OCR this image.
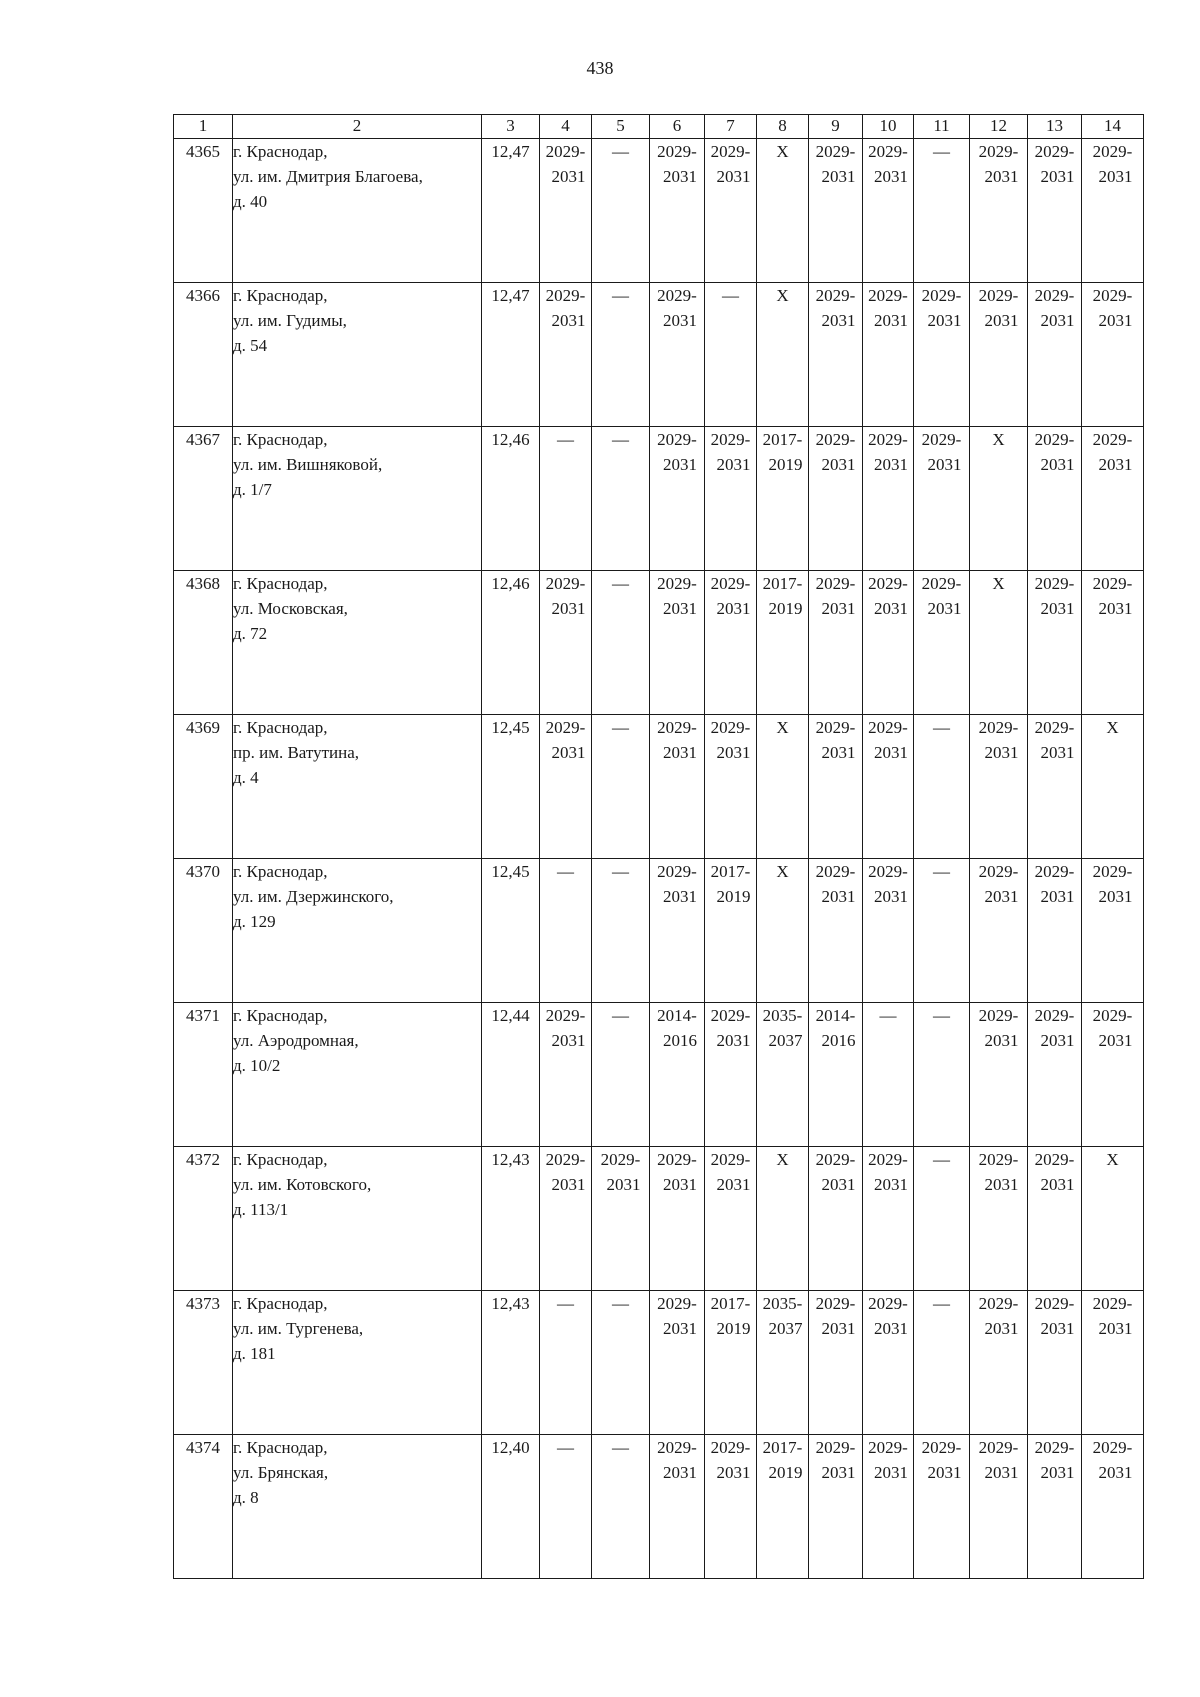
438
1	2	3	4	5	6	7	8	9	10	11	12	13	14
4365	г. Краснодар,
ул. им. Дмитрия Благоева,
д. 40	12,47	2029-
2031	—	2029-
2031	2029-
2031	X	2029-
2031	2029-
2031	—	2029-
2031	2029-
2031	2029-
2031

4366	г. Краснодар,
ул. им. Гудимы,
д. 54	12,47	2029-
2031	—	2029-
2031	—	X	2029-
2031	2029-
2031	2029-
2031	2029-
2031	2029-
2031	2029-
2031

4367	г. Краснодар,
ул. им. Вишняковой,
д. 1/7	12,46	—	—	2029-
2031	2029-
2031	2017-
2019	2029-
2031	2029-
2031	2029-
2031	X	2029-
2031	2029-
2031

4368	г. Краснодар,
ул. Московская,
д. 72	12,46	2029-
2031	—	2029-
2031	2029-
2031	2017-
2019	2029-
2031	2029-
2031	2029-
2031	X	2029-
2031	2029-
2031

4369	г. Краснодар,
пр. им. Ватутина,
д. 4	12,45	2029-
2031	—	2029-
2031	2029-
2031	X	2029-
2031	2029-
2031	—	2029-
2031	2029-
2031	X
4370	г. Краснодар,
ул. им. Дзержинского,
д. 129	12,45	—	—	2029-
2031	2017-
2019	X	2029-
2031	2029-
2031	—	2029-
2031	2029-
2031	2029-
2031

4371	г. Краснодар,
ул. Аэродромная,
д. 10/2	12,44	2029-
2031	—	2014-
2016	2029-
2031	2035-
2037	2014-
2016	—	—	2029-
2031	2029-
2031	2029-
2031

4372	г. Краснодар,
ул. им. Котовского,
д. 113/1	12,43	2029-
2031	2029-
2031	2029-
2031	2029-
2031	X	2029-
2031	2029-
2031	—	2029-
2031	2029-
2031	X
4373	г. Краснодар,
ул. им. Тургенева,
д. 181	12,43	—	—	2029-
2031	2017-
2019	2035-
2037	2029-
2031	2029-
2031	—	2029-
2031	2029-
2031	2029-
2031

4374	г. Краснодар,
ул. Брянская,
д. 8	12,40	—	—	2029-
2031	2029-
2031	2017-
2019	2029-
2031	2029-
2031	2029-
2031	2029-
2031	2029-
2031	2029-
2031
